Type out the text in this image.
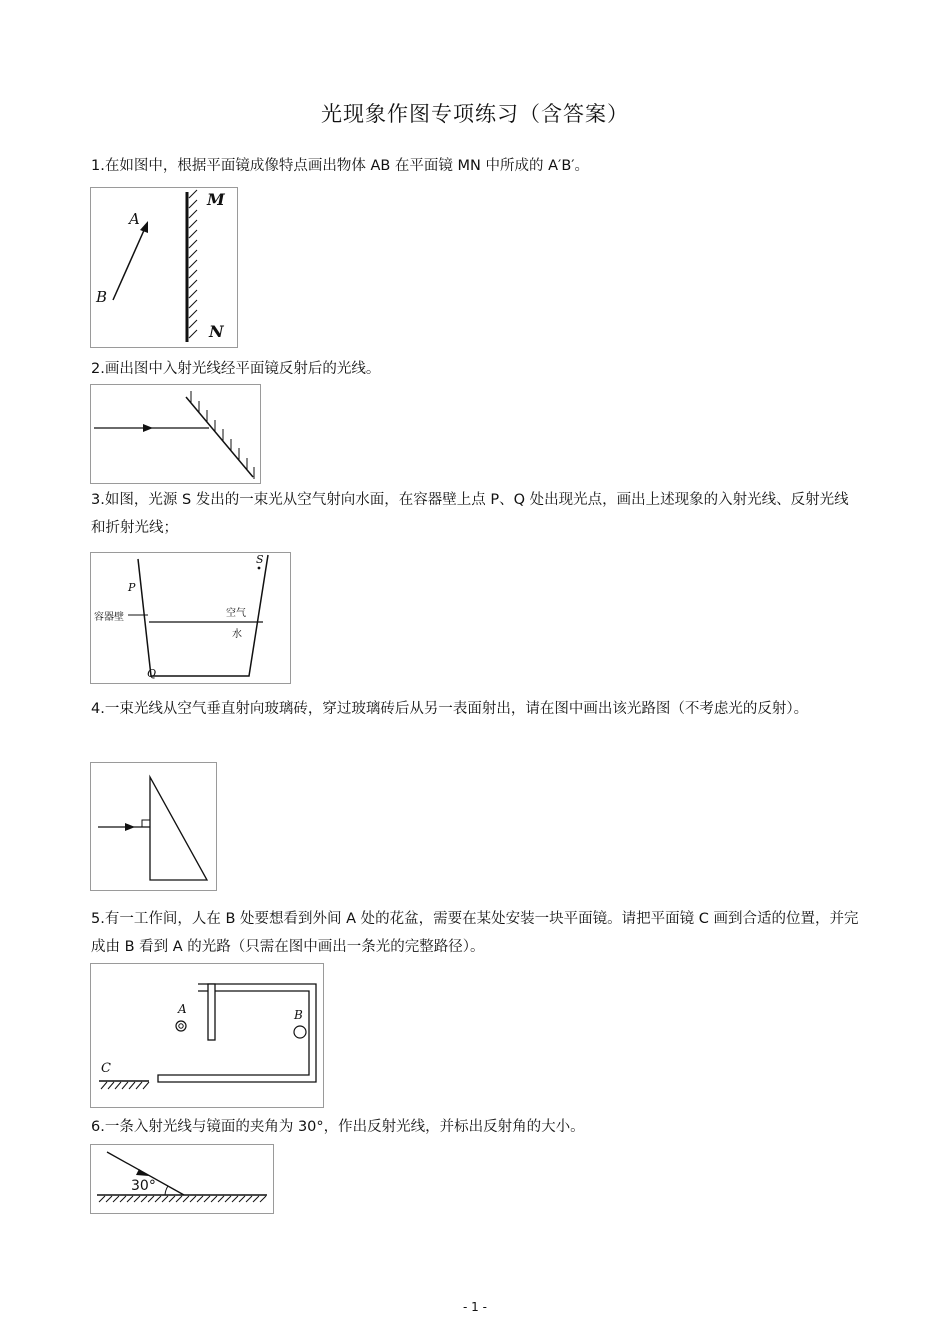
光现象作图专项练习（含答案）
1.在如图中，根据平面镜成像特点画出物体 AB 在平面镜 MN 中所成的 A′B′。
A
B
M
N
2.画出图中入射光线经平面镜反射后的光线。
3.如图，光源 S 发出的一束光从空气射向水面，在容器壁上点 P、Q 处出现光点，画出上述现象的入射光线、反射光线和折射光线；
S
P
Q
容器壁	空气
水
4.一束光线从空气垂直射向玻璃砖，穿过玻璃砖后从另一表面射出，请在图中画出该光路图（不考虑光的反射）。
5.有一工作间，人在 B 处要想看到外间 A 处的花盆，需要在某处安装一块平面镜。请把平面镜 C 画到合适的位置，并完成由 B 看到 A 的光路（只需在图中画出一条光的完整路径）。
A	B
C
6.一条入射光线与镜面的夹角为 30°，作出反射光线，并标出反射角的大小。
30°
- 1 -
